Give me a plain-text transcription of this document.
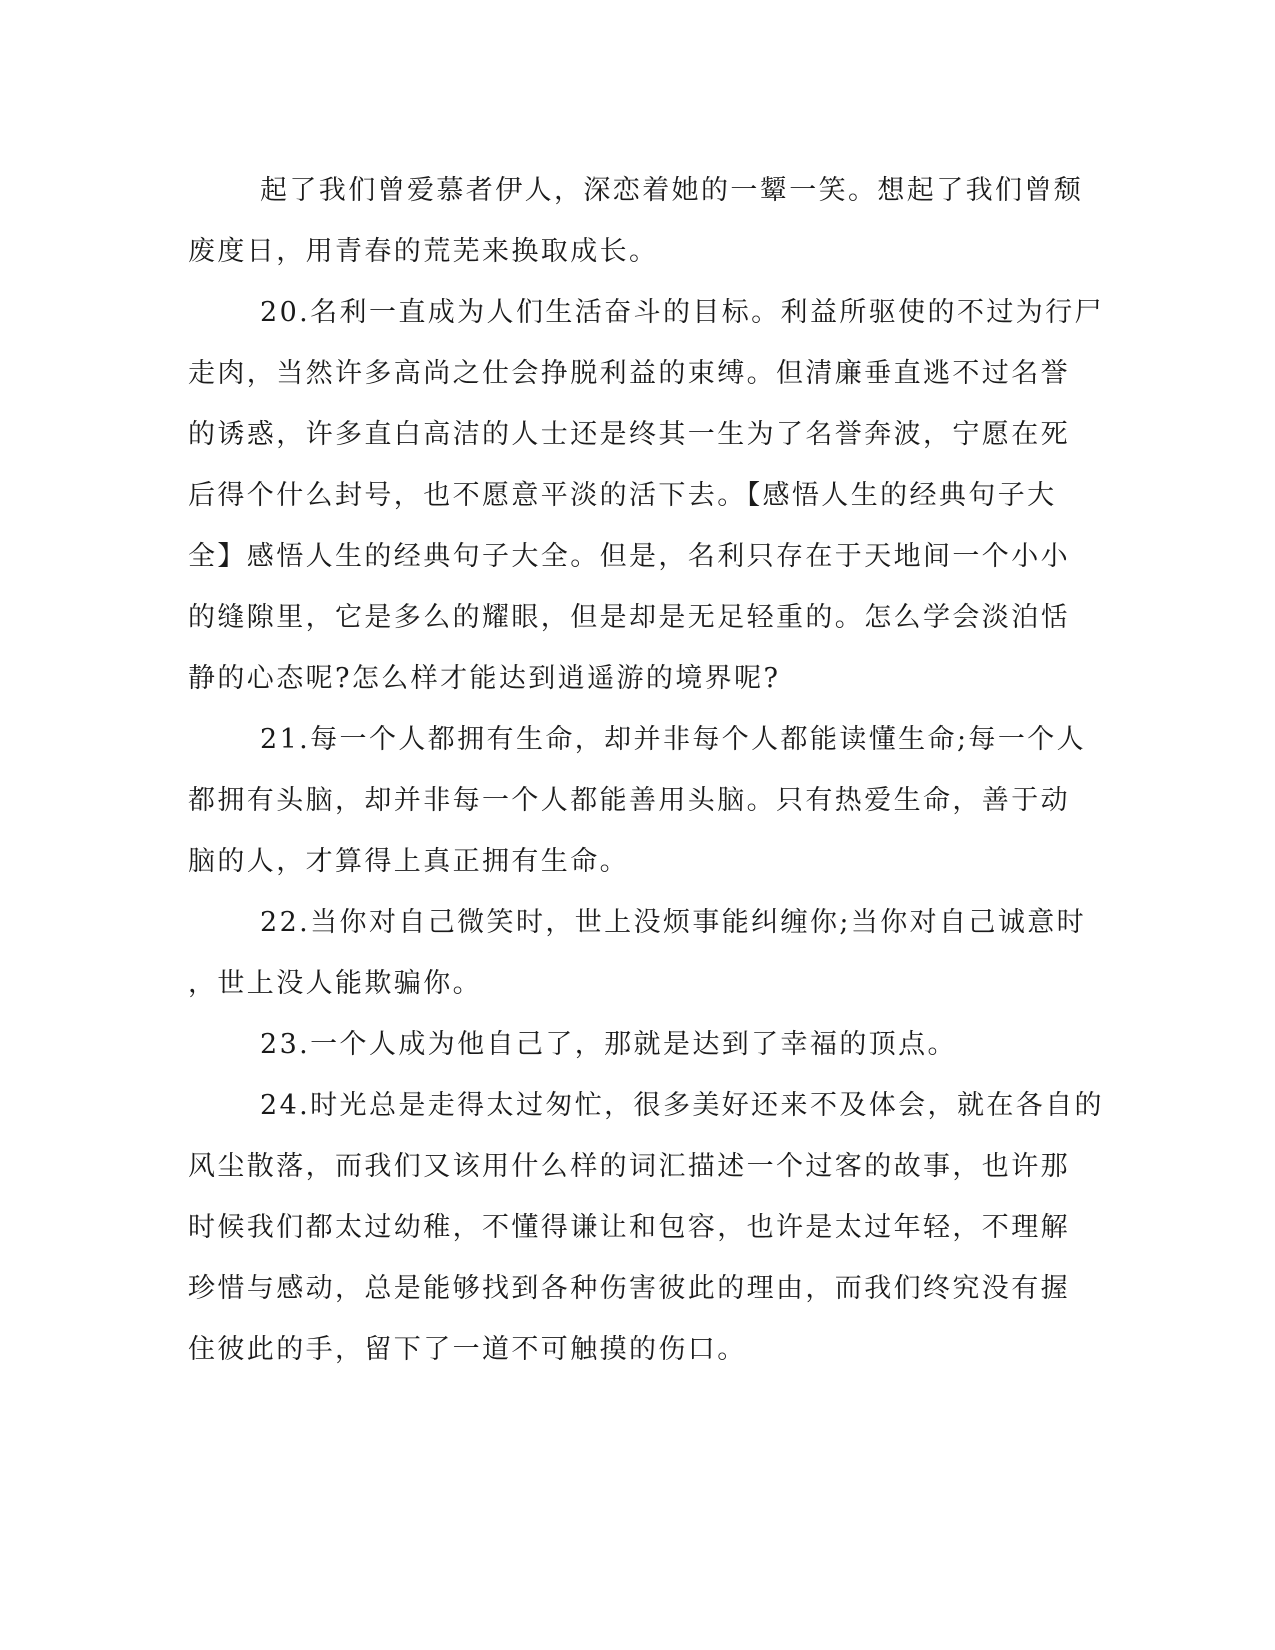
起了我们曾爱慕者伊人，深恋着她的一颦一笑。想起了我们曾颓
废度日，用青春的荒芜来换取成长。
20.名利一直成为人们生活奋斗的目标。利益所驱使的不过为行尸
走肉，当然许多高尚之仕会挣脱利益的束缚。但清廉垂直逃不过名誉
的诱惑，许多直白高洁的人士还是终其一生为了名誉奔波，宁愿在死
后得个什么封号，也不愿意平淡的活下去。【感悟人生的经典句子大
全】感悟人生的经典句子大全。但是，名利只存在于天地间一个小小
的缝隙里，它是多么的耀眼，但是却是无足轻重的。怎么学会淡泊恬
静的心态呢?怎么样才能达到逍遥游的境界呢?
21.每一个人都拥有生命，却并非每个人都能读懂生命;每一个人
都拥有头脑，却并非每一个人都能善用头脑。只有热爱生命，善于动
脑的人，才算得上真正拥有生命。
22.当你对自己微笑时，世上没烦事能纠缠你;当你对自己诚意时
，世上没人能欺骗你。
23.一个人成为他自己了，那就是达到了幸福的顶点。
24.时光总是走得太过匆忙，很多美好还来不及体会，就在各自的
风尘散落，而我们又该用什么样的词汇描述一个过客的故事，也许那
时候我们都太过幼稚，不懂得谦让和包容，也许是太过年轻，不理解
珍惜与感动，总是能够找到各种伤害彼此的理由，而我们终究没有握
住彼此的手，留下了一道不可触摸的伤口。
